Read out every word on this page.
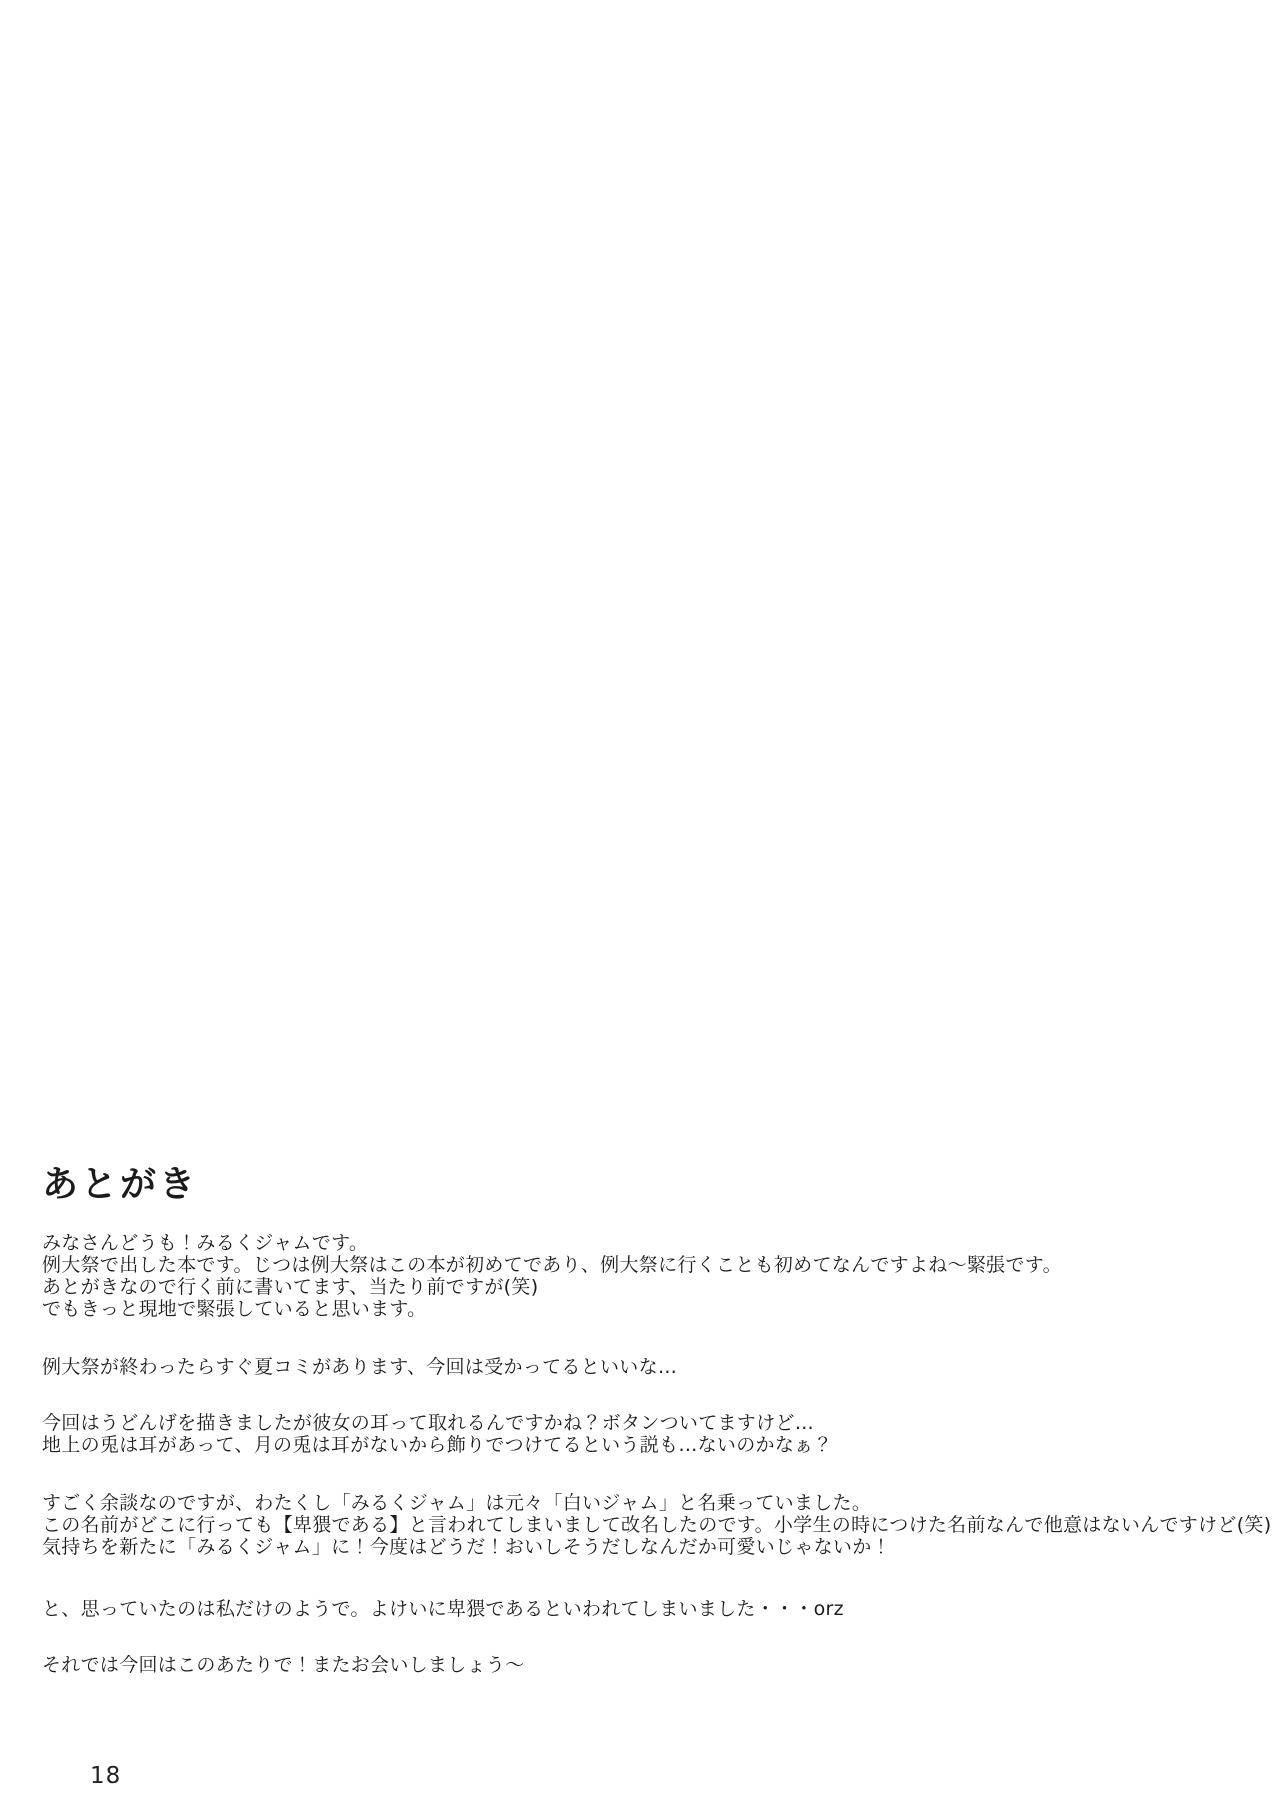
あとがき
みなさんどうも！みるくジャムです。
例大祭で出した本です。じつは例大祭はこの本が初めてであり、例大祭に行くことも初めてなんですよね～緊張です。
あとがきなので行く前に書いてます、当たり前ですが(笑)
でもきっと現地で緊張していると思います。
例大祭が終わったらすぐ夏コミがあります、今回は受かってるといいな…
今回はうどんげを描きましたが彼女の耳って取れるんですかね？ボタンついてますけど…
地上の兎は耳があって、月の兎は耳がないから飾りでつけてるという説も…ないのかなぁ？
すごく余談なのですが、わたくし「みるくジャム」は元々「白いジャム」と名乗っていました。
この名前がどこに行っても【卑猥である】と言われてしまいまして改名したのです。小学生の時につけた名前なんで他意はないんですけど(笑)
気持ちを新たに「みるくジャム」に！今度はどうだ！おいしそうだしなんだか可愛いじゃないか！
と、思っていたのは私だけのようで。よけいに卑猥であるといわれてしまいました・・・orz
それでは今回はこのあたりで！またお会いしましょう～
18
